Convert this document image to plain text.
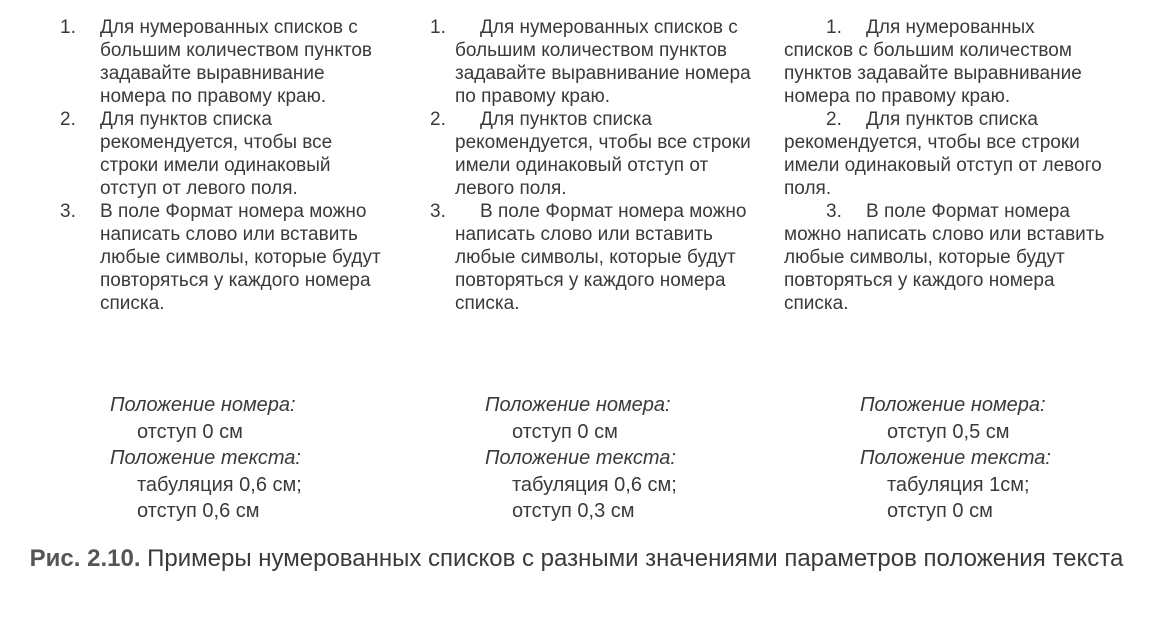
1.	Для нумерованных списков с большим количеством пунктов задавайте выравнивание номера по правому краю.
2.	Для пунктов списка рекомендуется, чтобы все строки имели одинаковый отступ от левого поля.
3.	В поле Формат номера можно написать слово или вставить любые символы, которые будут повторяться у каждого номера списка.
1.	Для нумерованных списков с большим количеством пунктов задавайте выравнивание номера по правому краю.
2.	Для пунктов списка рекомендуется, чтобы все строки имели одинаковый отступ от левого поля.
3.	В поле Формат номера можно написать слово или вставить любые символы, которые будут повторяться у каждого номера списка.

1. Для нумерованных списков с большим количеством пунктов задавайте выравнивание номера по правому краю.

2. Для пунктов списка рекомендуется, чтобы все строки имели одинаковый отступ от левого поля.

3. В поле Формат номера можно написать слово или вставить любые символы, которые будут повторяться у каждого номера списка.

Положение номера:
отступ 0 см
Положение текста:
табуляция 0,6 см;
отступ 0,6 см
Положение номера:
отступ 0 см
Положение текста:
табуляция 0,6 см;
отступ 0,3 см
Положение номера:
отступ 0,5 см
Положение текста:
табуляция 1см;
отступ 0 см
Рис. 2.10. Примеры нумерованных списков с разными значениями параметров положения текста
